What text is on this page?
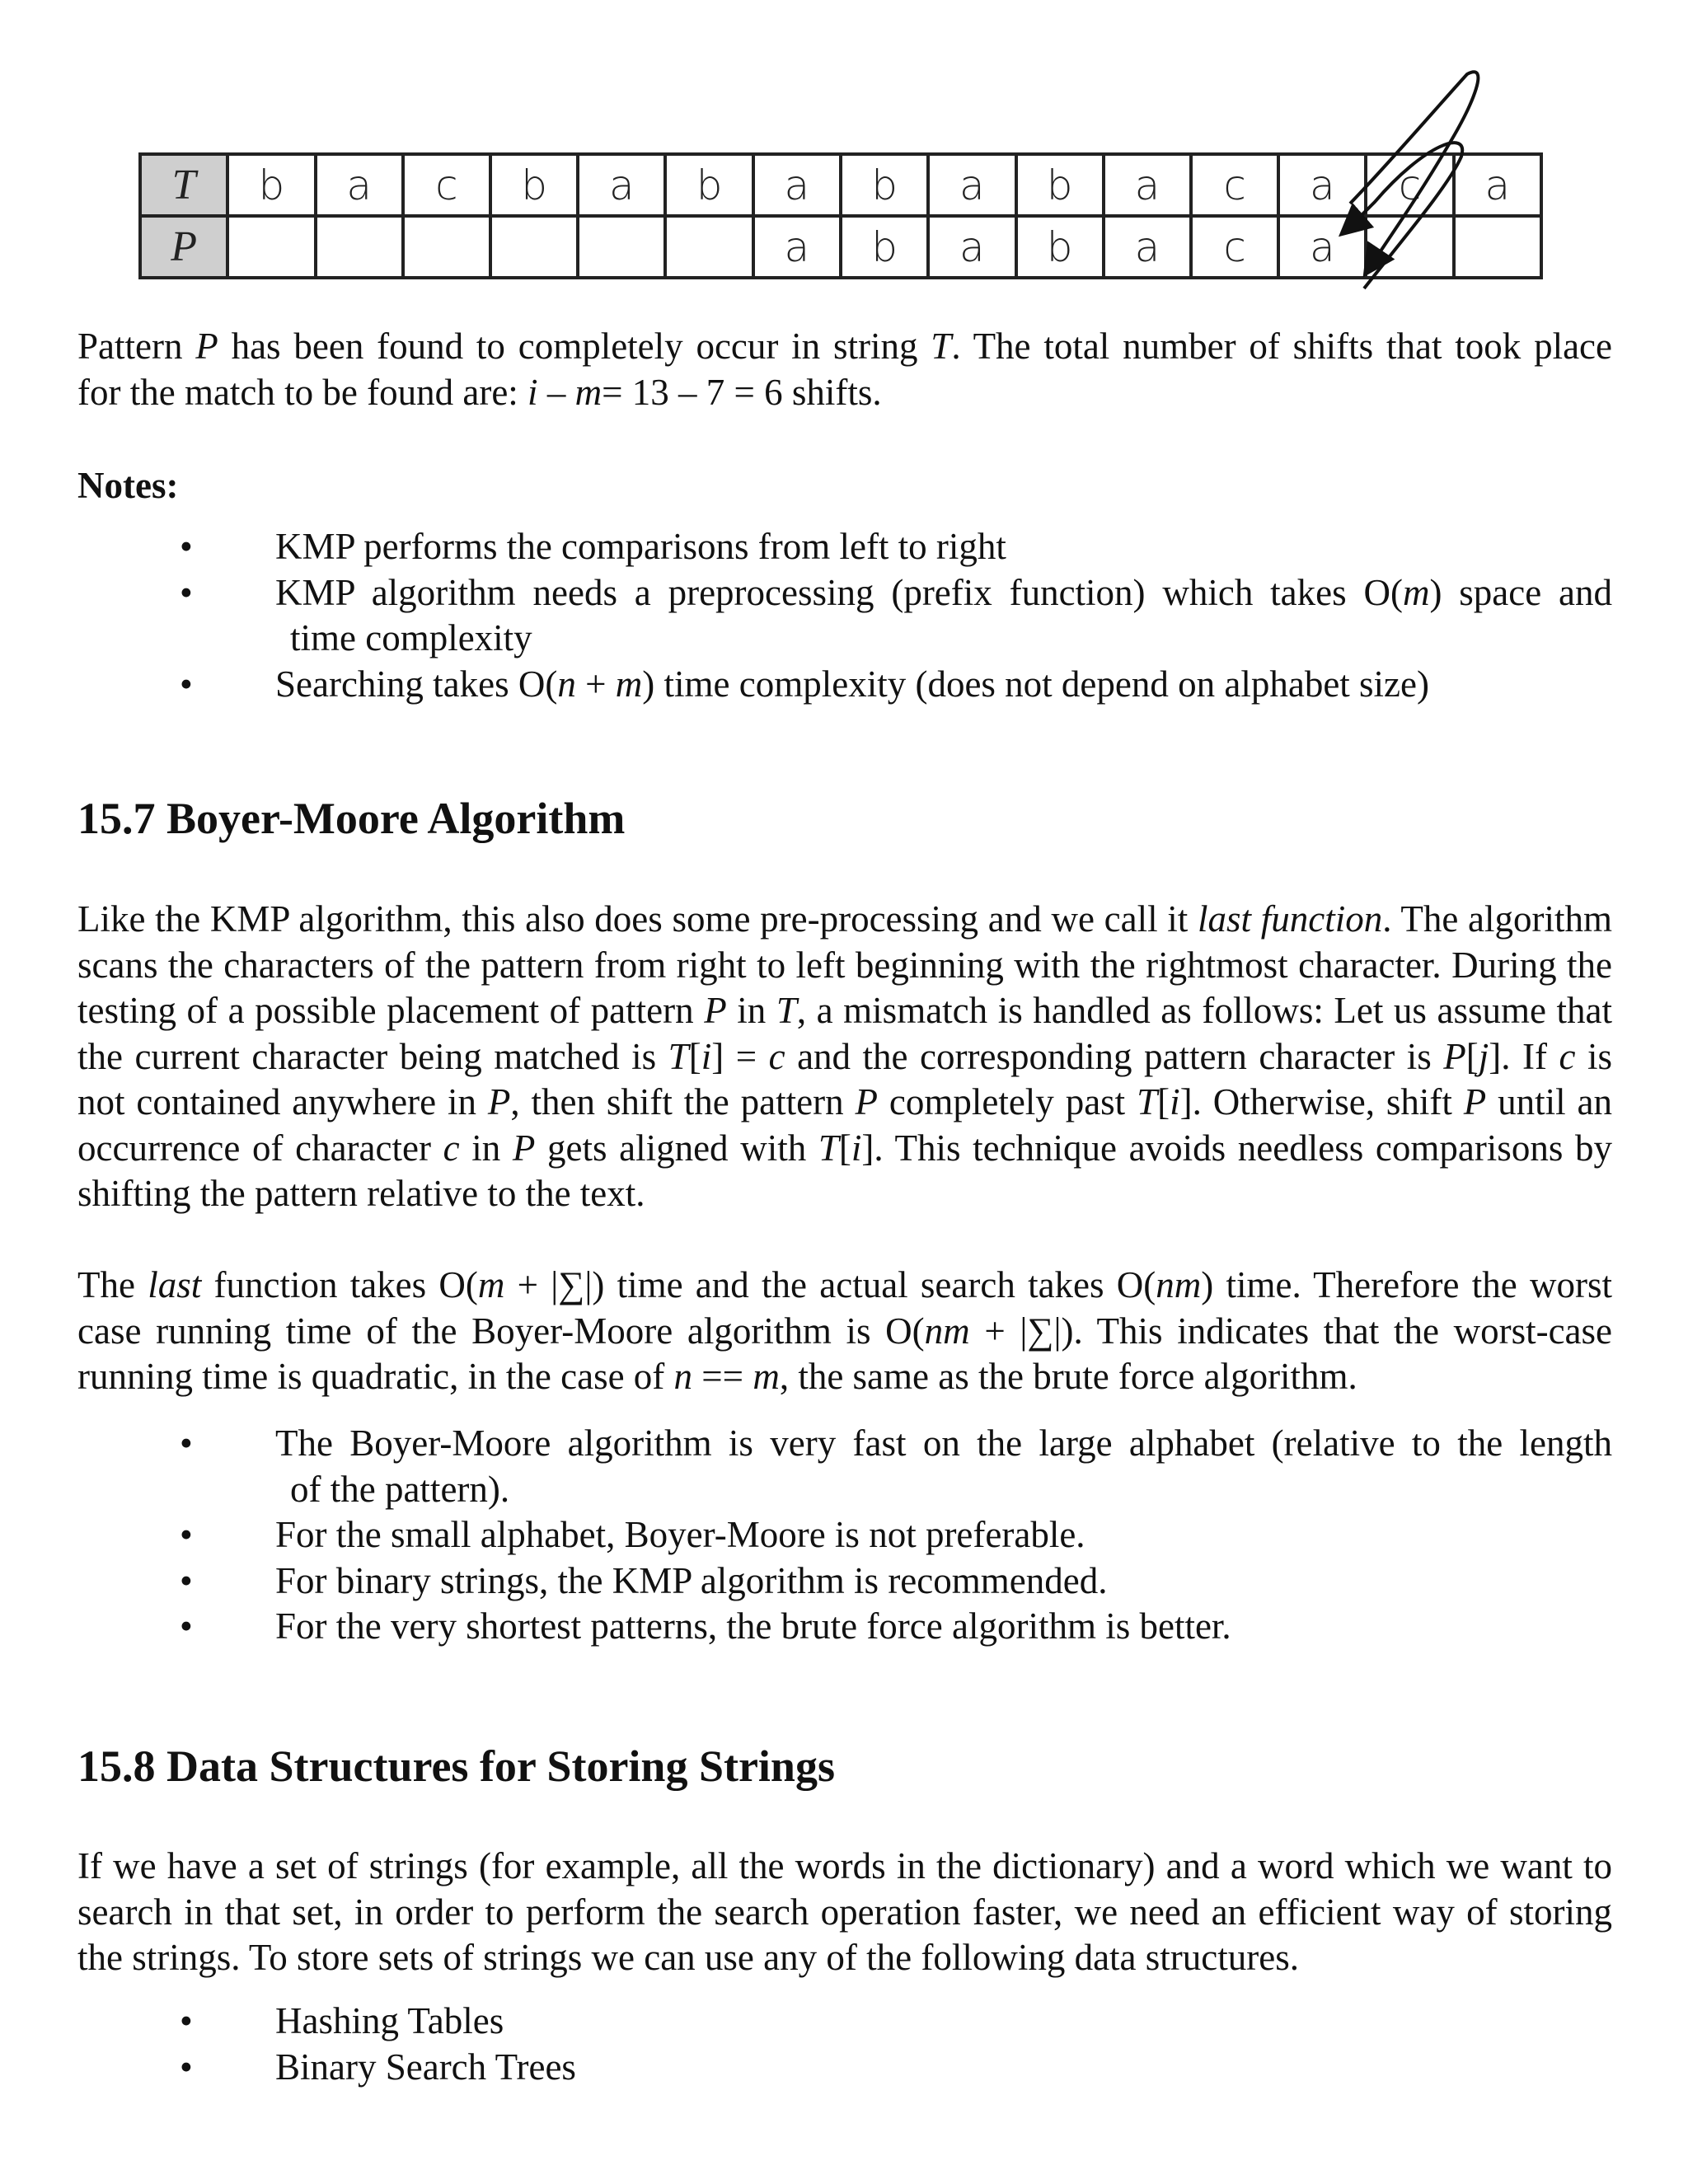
T	b	a	c	b	a	b	a	b	a	b	a	c	a	c	a
P							a	b	a	b	a	c	a		
Pattern P has been found to completely occur in string T. The total number of shifts that took place
for the match to be found are: i – m= 13 – 7 = 6 shifts.
Notes:
• KMP performs the comparisons from left to right
• KMP algorithm needs a preprocessing (prefix function) which takes O(m) space and
time complexity
• Searching takes O(n + m) time complexity (does not depend on alphabet size)
15.7 Boyer-Moore Algorithm
Like the KMP algorithm, this also does some pre-processing and we call it last function. The algorithm scans the characters of the pattern from right to left beginning with the rightmost character. During the testing of a possible placement of pattern P in T, a mismatch is handled as follows: Let us assume that the current character being matched is T[i] = c and the corresponding pattern character is P[j]. If c is not contained anywhere in P, then shift the pattern P completely past T[i]. Otherwise, shift P until an occurrence of character c in P gets aligned with T[i]. This technique avoids needless comparisons by shifting the pattern relative to the text.
The last function takes O(m + |∑|) time and the actual search takes O(nm) time. Therefore the worst case running time of the Boyer-Moore algorithm is O(nm + |∑|). This indicates that the worst-case running time is quadratic, in the case of n == m, the same as the brute force algorithm.
• The Boyer-Moore algorithm is very fast on the large alphabet (relative to the length
of the pattern).
• For the small alphabet, Boyer-Moore is not preferable.
• For binary strings, the KMP algorithm is recommended.
• For the very shortest patterns, the brute force algorithm is better.
15.8 Data Structures for Storing Strings
If we have a set of strings (for example, all the words in the dictionary) and a word which we want to search in that set, in order to perform the search operation faster, we need an efficient way of storing the strings. To store sets of strings we can use any of the following data structures.
• Hashing Tables
• Binary Search Trees
